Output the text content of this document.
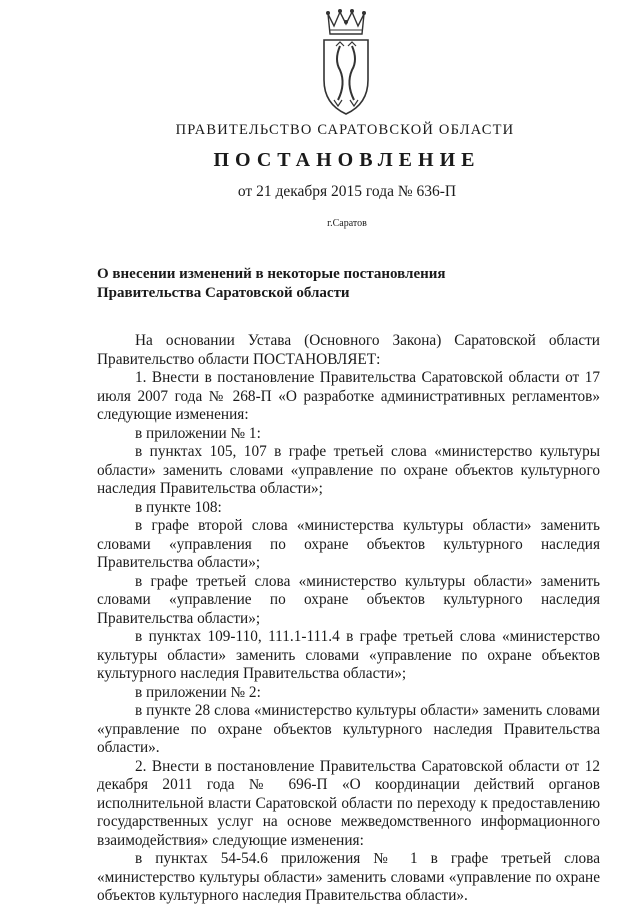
ПРАВИТЕЛЬСТВО САРАТОВСКОЙ ОБЛАСТИ
ПОСТАНОВЛЕНИЕ
от 21 декабря 2015 года № 636-П
г.Саратов
О внесении изменений в некоторые постановления
Правительства Саратовской области

На основании Устава (Основного Закона) Саратовской области Правительство области ПОСТАНОВЛЯЕТ:

1. Внести в постановление Правительства Саратовской области от 17 июля 2007 года № 268-П «О разработке административных регламентов» следующие изменения:

в приложении № 1:

в пунктах 105, 107 в графе третьей слова «министерство культуры области» заменить словами «управление по охране объектов культурного наследия Правительства области»;

в пункте 108:

в графе второй слова «министерства культуры области» заменить словами «управления по охране объектов культурного наследия Правительства области»;

в графе третьей слова «министерство культуры области» заменить словами «управление по охране объектов культурного наследия Правительства области»;

в пунктах 109-110, 111.1-111.4 в графе третьей слова «министерство культуры области» заменить словами «управление по охране объектов культурного наследия Правительства области»;

в приложении № 2:

в пункте 28 слова «министерство культуры области» заменить словами «управление по охране объектов культурного наследия Правительства области».

2. Внести в постановление Правительства Саратовской области от 12 декабря 2011 года № 696-П «О координации действий органов исполнительной власти Саратовской области по переходу к предоставлению государственных услуг на основе межведомственного информационного взаимодействия» следующие изменения:

в пунктах 54-54.6 приложения № 1 в графе третьей слова «министерство культуры области» заменить словами «управление по охране объектов культурного наследия Правительства области».
